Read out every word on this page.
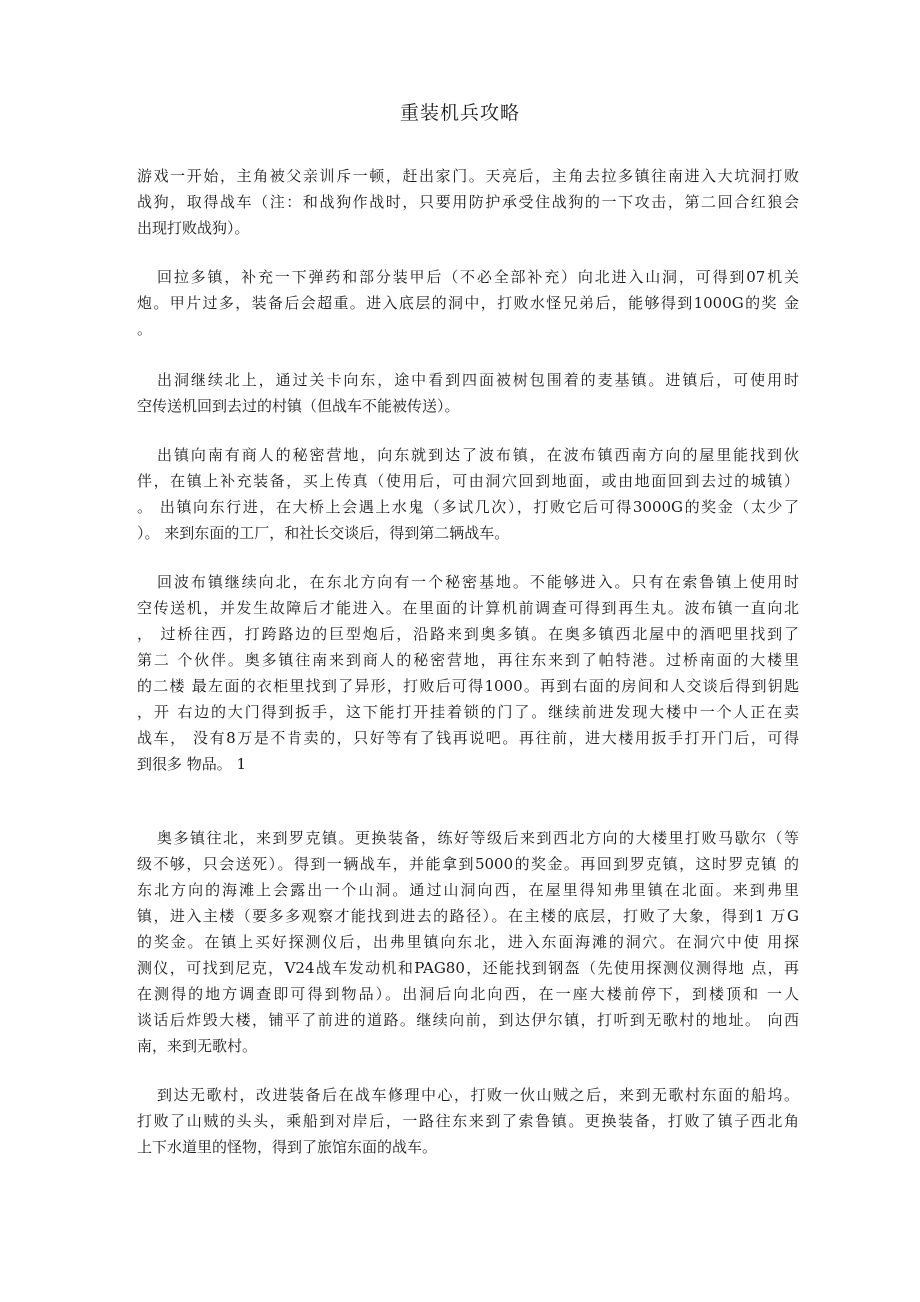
重装机兵攻略
游戏一开始，主角被父亲训斥一顿，赶出家门。天亮后，主角去拉多镇往南进入大坑洞打败
战狗，取得战车（注：和战狗作战时，只要用防护承受住战狗的一下攻击，第二回合红狼会
出现打败战狗）。
回拉多镇，补充一下弹药和部分装甲后（不必全部补充）向北进入山洞，可得到07机关
炮。甲片过多，装备后会超重。进入底层的洞中，打败水怪兄弟后，能够得到1000G的奖 金
。
出洞继续北上，通过关卡向东，途中看到四面被树包围着的麦基镇。进镇后，可使用时
空传送机回到去过的村镇（但战车不能被传送）。
出镇向南有商人的秘密营地，向东就到达了波布镇，在波布镇西南方向的屋里能找到伙
伴，在镇上补充装备，买上传真（使用后，可由洞穴回到地面，或由地面回到去过的城镇）
。 出镇向东行进，在大桥上会遇上水鬼（多试几次），打败它后可得3000G的奖金（太少了
）。 来到东面的工厂，和社长交谈后，得到第二辆战车。
回波布镇继续向北，在东北方向有一个秘密基地。不能够进入。只有在索鲁镇上使用时
空传送机，并发生故障后才能进入。在里面的计算机前调查可得到再生丸。波布镇一直向北
， 过桥往西，打跨路边的巨型炮后，沿路来到奥多镇。在奥多镇西北屋中的酒吧里找到了
第二 个伙伴。奥多镇往南来到商人的秘密营地，再往东来到了帕特港。过桥南面的大楼里
的二楼 最左面的衣柜里找到了异形，打败后可得1000。再到右面的房间和人交谈后得到钥匙
，开 右边的大门得到扳手，这下能打开挂着锁的门了。继续前进发现大楼中一个人正在卖
战车， 没有8万是不肯卖的，只好等有了钱再说吧。再往前，进大楼用扳手打开门后，可得
到很多 物品。 1
奥多镇往北，来到罗克镇。更换装备，练好等级后来到西北方向的大楼里打败马歇尔（等
级不够，只会送死）。得到一辆战车，并能拿到5000的奖金。再回到罗克镇，这时罗克镇 的
东北方向的海滩上会露出一个山洞。通过山洞向西，在屋里得知弗里镇在北面。来到弗里
镇，进入主楼（要多多观察才能找到进去的路径）。在主楼的底层，打败了大象，得到1 万G
的奖金。在镇上买好探测仪后，出弗里镇向东北，进入东面海滩的洞穴。在洞穴中使 用探
测仪，可找到尼克，V24战车发动机和PAG80，还能找到钢盔（先使用探测仪测得地 点，再
在测得的地方调查即可得到物品）。出洞后向北向西，在一座大楼前停下，到楼顶和 一人
谈话后炸毁大楼，铺平了前进的道路。继续向前，到达伊尔镇，打听到无歌村的地址。 向西
南，来到无歌村。
到达无歌村，改进装备后在战车修理中心，打败一伙山贼之后，来到无歌村东面的船坞。
打败了山贼的头头，乘船到对岸后，一路往东来到了索鲁镇。更换装备，打败了镇子西北角
上下水道里的怪物，得到了旅馆东面的战车。
